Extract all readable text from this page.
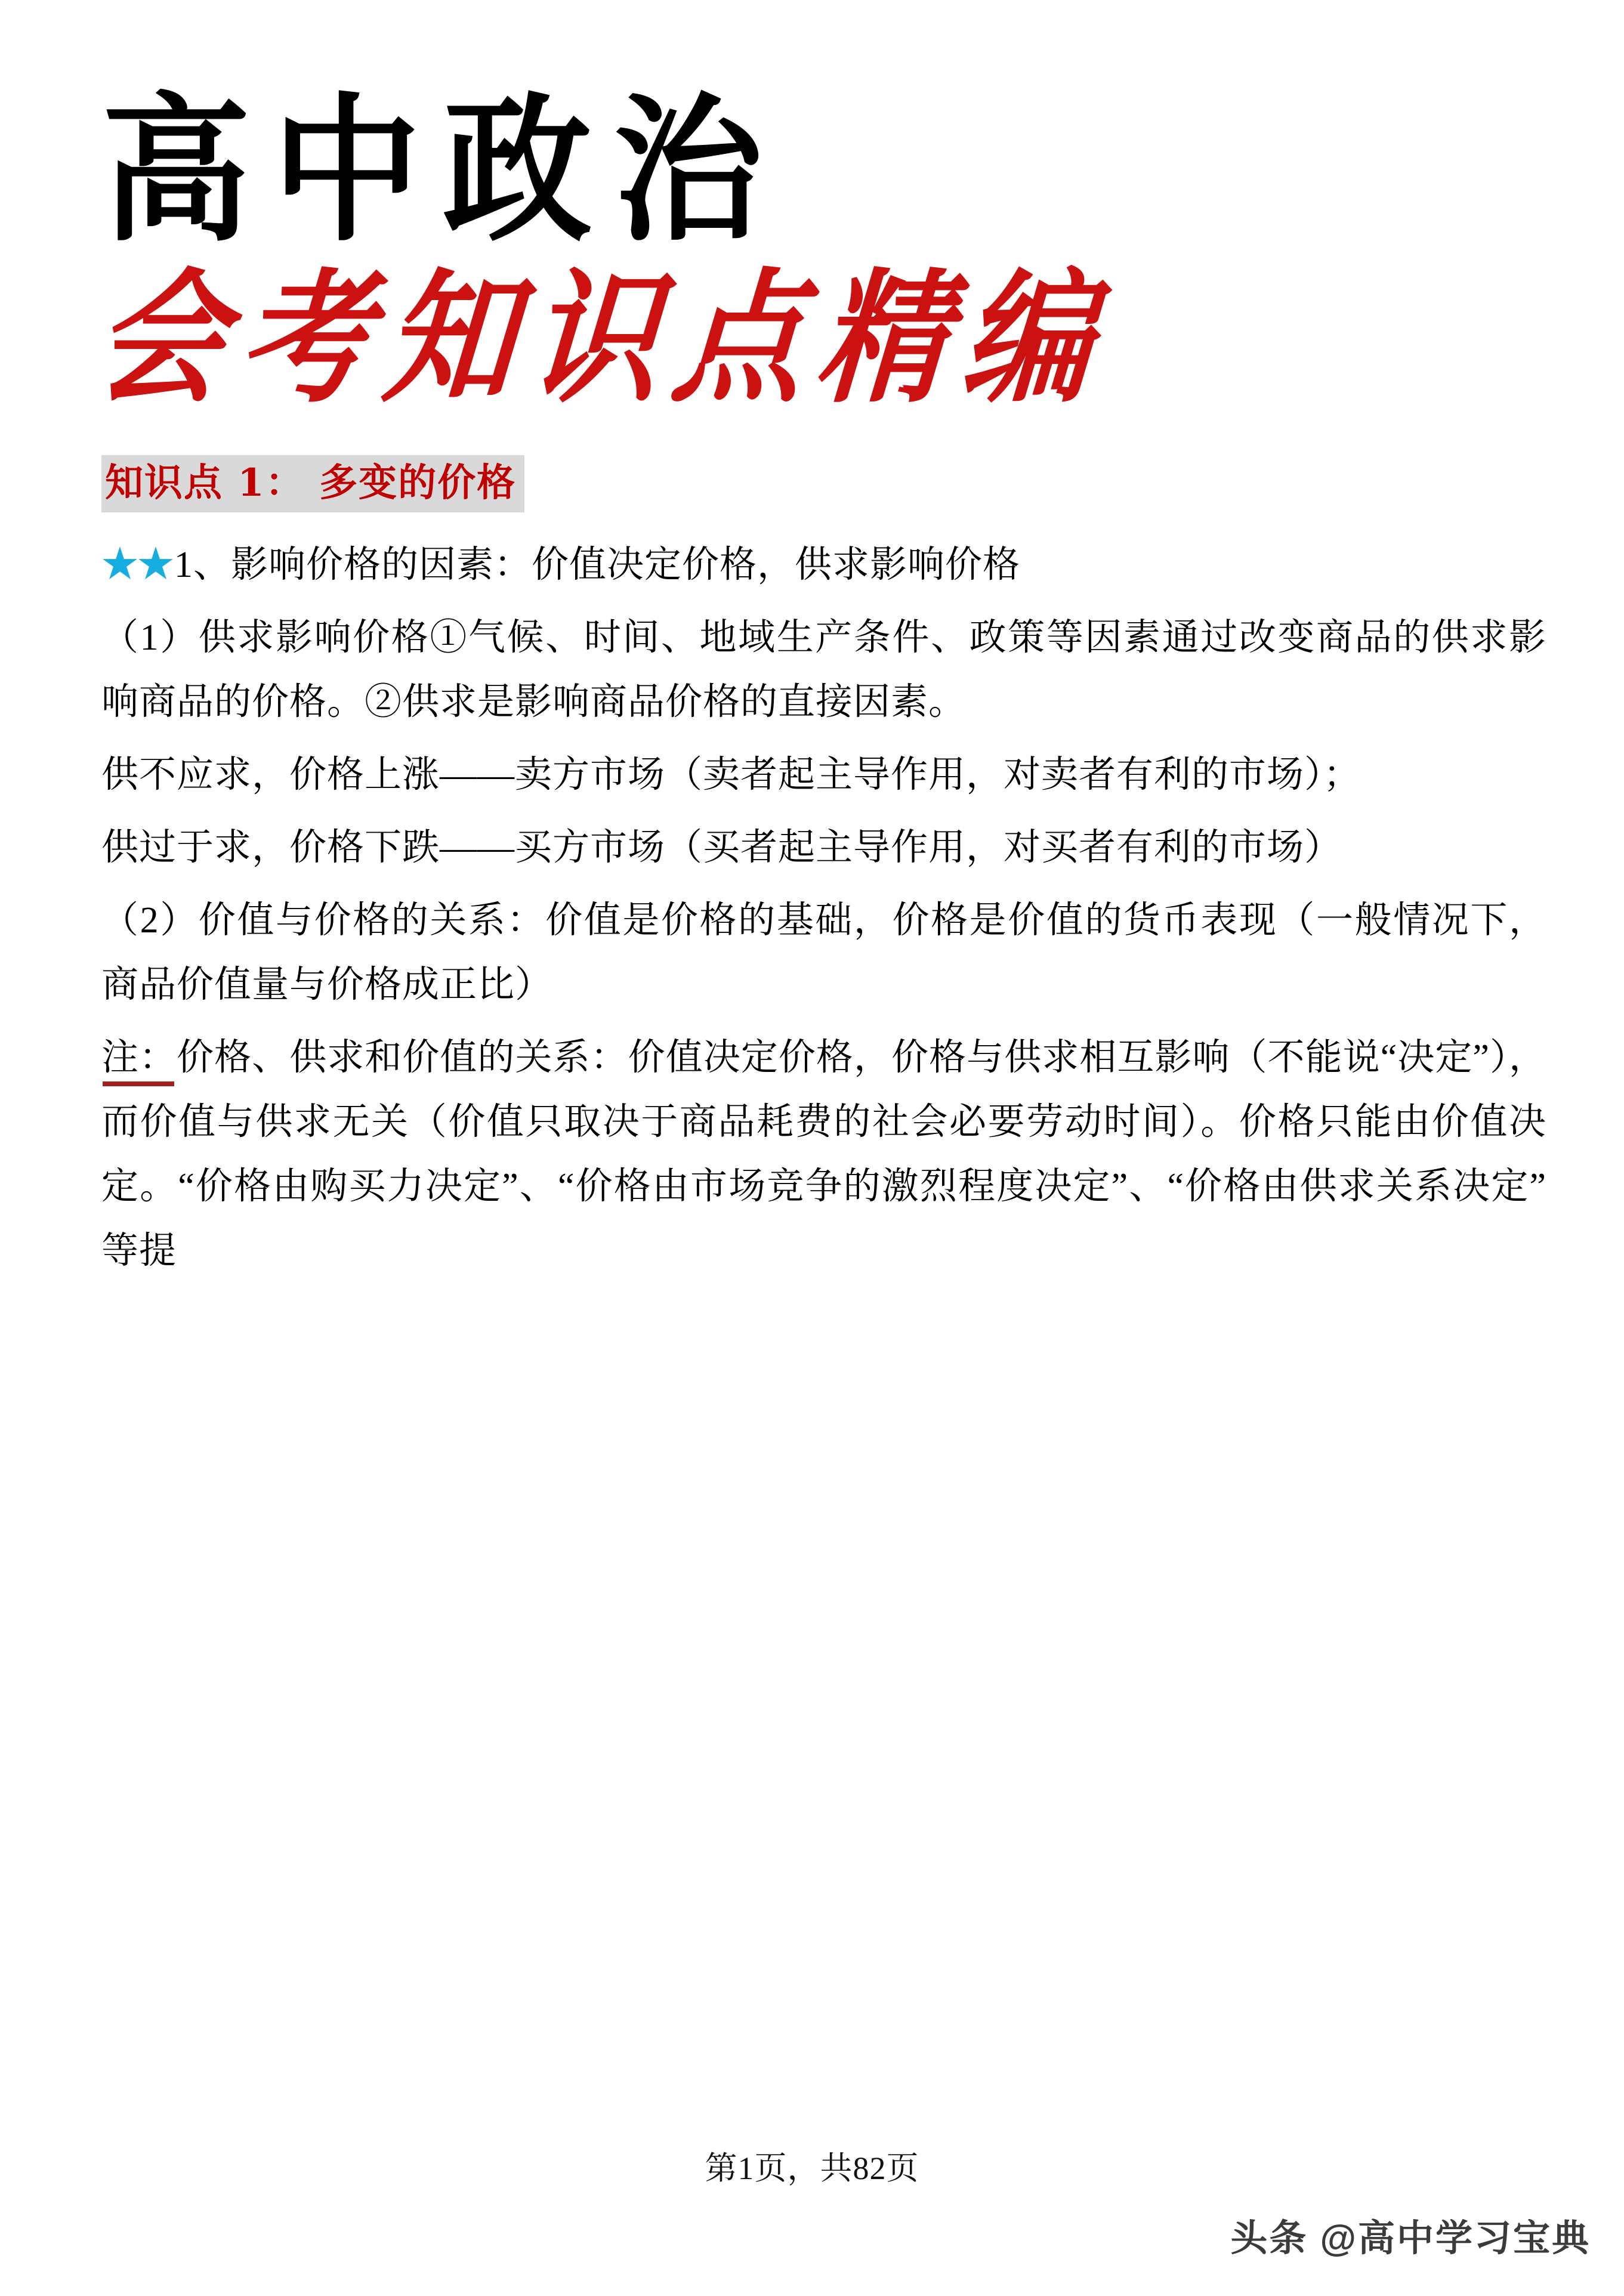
高中政治
会考知识点精编
知识点 1： 多变的价格

★★1、影响价格的因素：价值决定价格，供求影响价格

（1）供求影响价格①气候、时间、地域生产条件、政策等因素通过改变商品的供求影响商品的价格。②供求是影响商品价格的直接因素。

供不应求，价格上涨——卖方市场（卖者起主导作用，对卖者有利的市场）；

供过于求，价格下跌——买方市场（买者起主导作用，对买者有利的市场）

（2）价值与价格的关系：价值是价格的基础，价格是价值的货币表现（一般情况下，商品价值量与价格成正比）

注：价格、供求和价值的关系：价值决定价格，价格与供求相互影响（不能说“决定”），而价值与供求无关（价值只取决于商品耗费的社会必要劳动时间）。价格只能由价值决定。“价格由购买力决定”、“价格由市场竞争的激烈程度决定”、“价格由供求关系决定”等提

第1页，共82页
头条 @高中学习宝典
